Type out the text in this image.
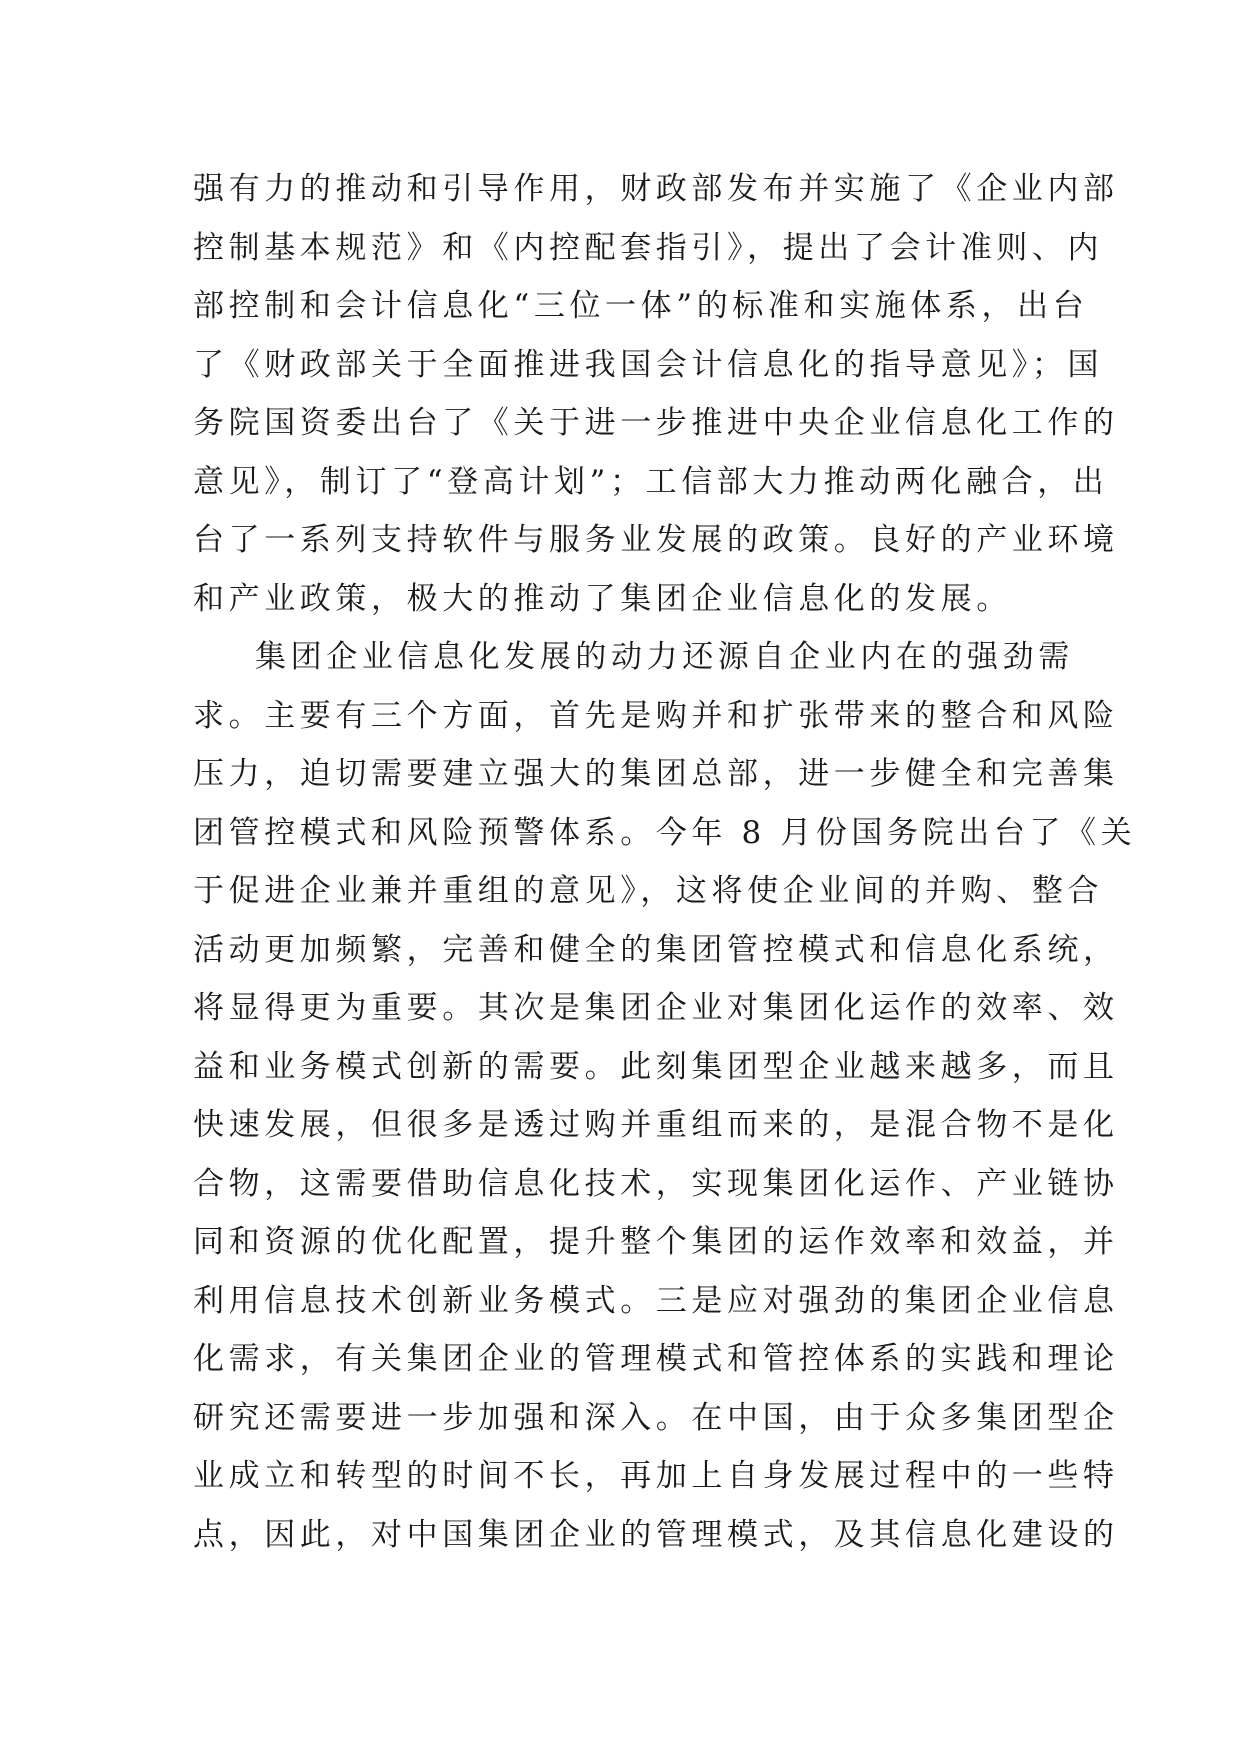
强有力的推动和引导作用，财政部发布并实施了《企业内部
控制基本规范》和《内控配套指引》，提出了会计准则、内
部控制和会计信息化“三位一体”的标准和实施体系，出台
了《财政部关于全面推进我国会计信息化的指导意见》；国
务院国资委出台了《关于进一步推进中央企业信息化工作的
意见》，制订了“登高计划”；工信部大力推动两化融合，出
台了一系列支持软件与服务业发展的政策。良好的产业环境
和产业政策，极大的推动了集团企业信息化的发展。
集团企业信息化发展的动力还源自企业内在的强劲需
求。主要有三个方面，首先是购并和扩张带来的整合和风险
压力，迫切需要建立强大的集团总部，进一步健全和完善集
团管控模式和风险预警体系。今年 8 月份国务院出台了《关
于促进企业兼并重组的意见》，这将使企业间的并购、整合
活动更加频繁，完善和健全的集团管控模式和信息化系统，
将显得更为重要。其次是集团企业对集团化运作的效率、效
益和业务模式创新的需要。此刻集团型企业越来越多，而且
快速发展，但很多是透过购并重组而来的，是混合物不是化
合物，这需要借助信息化技术，实现集团化运作、产业链协
同和资源的优化配置，提升整个集团的运作效率和效益，并
利用信息技术创新业务模式。三是应对强劲的集团企业信息
化需求，有关集团企业的管理模式和管控体系的实践和理论
研究还需要进一步加强和深入。在中国，由于众多集团型企
业成立和转型的时间不长，再加上自身发展过程中的一些特
点，因此，对中国集团企业的管理模式，及其信息化建设的
